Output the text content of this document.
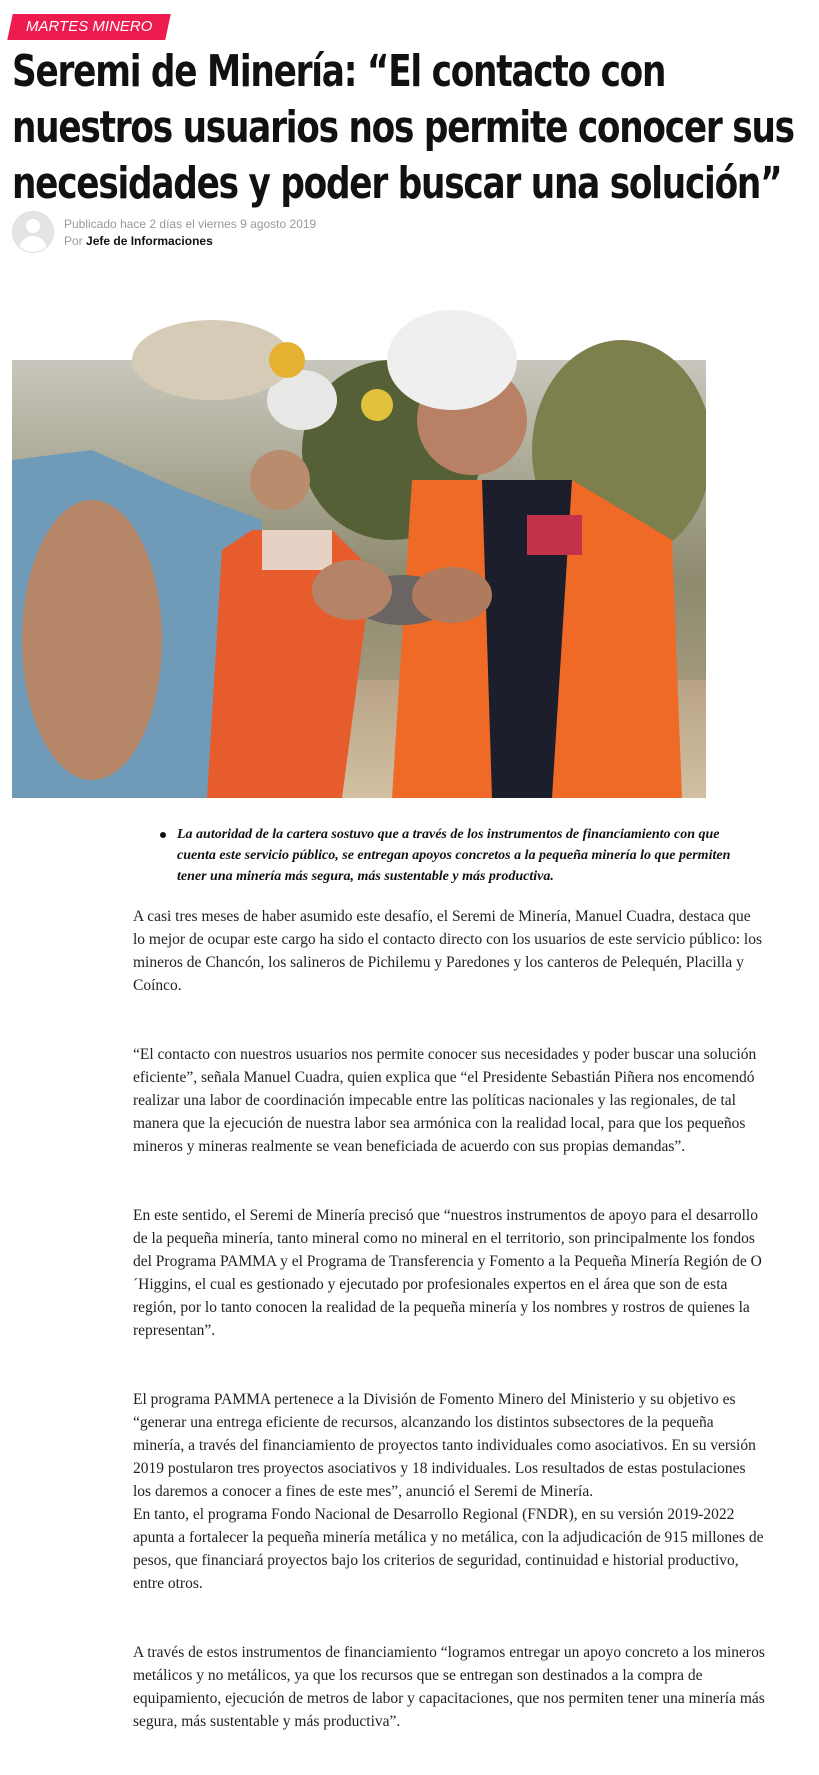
MARTES MINERO
Seremi de Minería: “El contacto con nuestros usuarios nos permite conocer sus necesidades y poder buscar una solución”
Publicado hace 2 días el viernes 9 agosto 2019
Por Jefe de Informaciones
La autoridad de la cartera sostuvo que a través de los instrumentos de financiamiento con que cuenta este servicio público, se entregan apoyos concretos a la pequeña minería lo que permiten tener una minería más segura, más sustentable y más productiva.

A casi tres meses de haber asumido este desafío, el Seremi de Minería, Manuel Cuadra, destaca que lo mejor de ocupar este cargo ha sido el contacto directo con los usuarios de este servicio público: los mineros de Chancón, los salineros de Pichilemu y Paredones y los canteros de Pelequén, Placilla y Coínco.

“El contacto con nuestros usuarios nos permite conocer sus necesidades y poder buscar una solución eficiente”, señala Manuel Cuadra, quien explica que “el Presidente Sebastián Piñera nos encomendó realizar una labor de coordinación impecable entre las políticas nacionales y las regionales, de tal manera que la ejecución de nuestra labor sea armónica con la realidad local, para que los pequeños mineros y mineras realmente se vean beneficiada de acuerdo con sus propias demandas”.

En este sentido, el Seremi de Minería precisó que “nuestros instrumentos de apoyo para el desarrollo de la pequeña minería, tanto mineral como no mineral en el territorio, son principalmente los fondos del Programa PAMMA y el Programa de Transferencia y Fomento a la Pequeña Minería Región de O´Higgins, el cual es gestionado y ejecutado por profesionales expertos en el área que son de esta región, por lo tanto conocen la realidad de la pequeña minería y los nombres y rostros de quienes la representan”.

El programa PAMMA pertenece a la División de Fomento Minero del Ministerio y su objetivo es “generar una entrega eficiente de recursos, alcanzando los distintos subsectores de la pequeña minería, a través del financiamiento de proyectos tanto individuales como asociativos. En su versión 2019 postularon tres proyectos asociativos y 18 individuales. Los resultados de estas postulaciones los daremos a conocer a fines de este mes”, anunció el Seremi de Minería.

En tanto, el programa Fondo Nacional de Desarrollo Regional (FNDR), en su versión 2019-2022 apunta a fortalecer la pequeña minería metálica y no metálica, con la adjudicación de 915 millones de pesos, que financiará proyectos bajo los criterios de seguridad, continuidad e historial productivo, entre otros.

A través de estos instrumentos de financiamiento “logramos entregar un apoyo concreto a los mineros metálicos y no metálicos, ya que los recursos que se entregan son destinados a la compra de equipamiento, ejecución de metros de labor y capacitaciones, que nos permiten tener una minería más segura, más sustentable y más productiva”.
